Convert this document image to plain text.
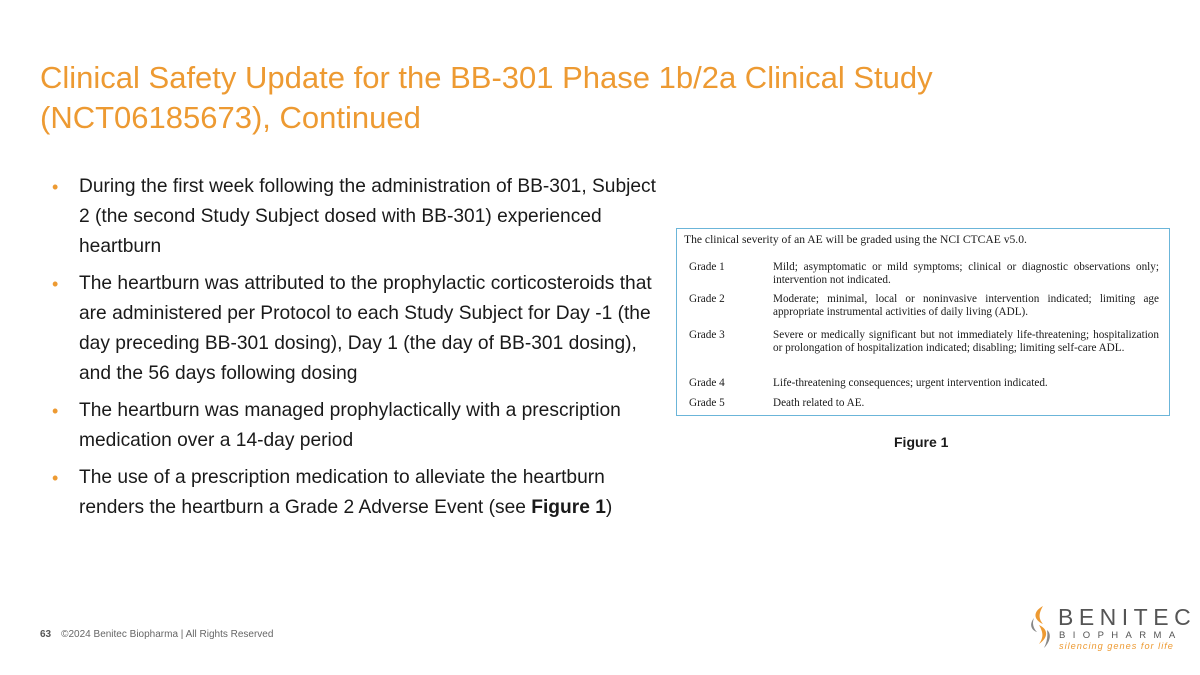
Clinical Safety Update for the BB-301 Phase 1b/2a Clinical Study
(NCT06185673), Continued
• During the first week following the administration of BB-301, Subject 2 (the second Study Subject dosed with BB-301) experienced heartburn
• The heartburn was attributed to the prophylactic corticosteroids that are administered per Protocol to each Study Subject for Day -1 (the day preceding BB-301 dosing), Day 1 (the day of BB-301 dosing), and the 56 days following dosing
• The heartburn was managed prophylactically with a prescription medication over a 14-day period
• The use of a prescription medication to alleviate the heartburn renders the heartburn a Grade 2 Adverse Event (see Figure 1)
The clinical severity of an AE will be graded using the NCI CTCAE v5.0.
Grade 1	Mild; asymptomatic or mild symptoms; clinical or diagnostic observations only; intervention not indicated.
Grade 2	Moderate; minimal, local or noninvasive intervention indicated; limiting age appropriate instrumental activities of daily living (ADL).
Grade 3	Severe or medically significant but not immediately life-threatening; hospitalization or prolongation of hospitalization indicated; disabling; limiting self-care ADL.
Grade 4	Life-threatening consequences; urgent intervention indicated.
Grade 5	Death related to AE.
Figure 1
63 ©2024 Benitec Biopharma | All Rights Reserved
BENITEC
BIOPHARMA
silencing genes for life
